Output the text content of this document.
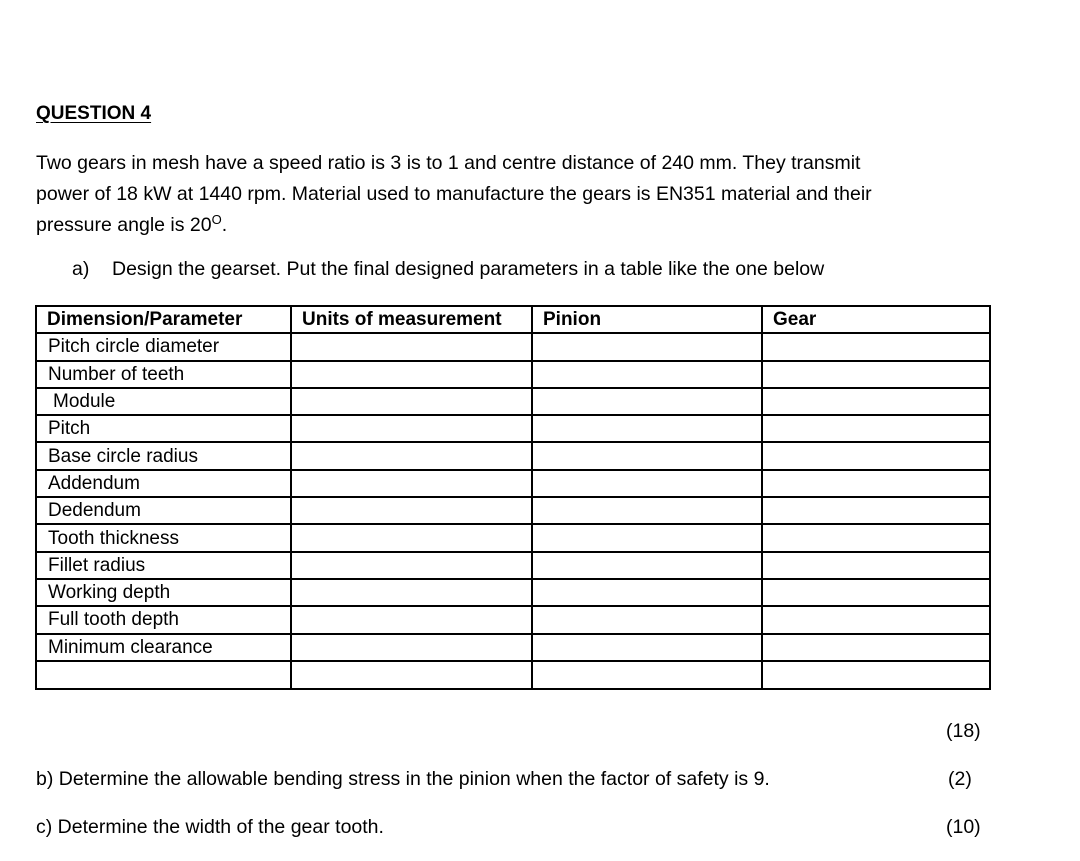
QUESTION 4

Two gears in mesh have a speed ratio is 3 is to 1 and centre distance of 240 mm. They transmit

power of 18 kW at 1440 rpm. Material used to manufacture the gears is EN351 material and their

pressure angle is $20^O$.

a) Design the gearset. Put the final designed parameters in a table like the one below
Dimension/Parameter	Units of measurement	Pinion	Gear
Pitch circle diameter			
Number of teeth			
Module			
Pitch			
Base circle radius			
Addendum			
Dedendum			
Tooth thickness			
Fillet radius			
Working depth			
Full tooth depth			
Minimum clearance			

(18)
b) Determine the allowable bending stress in the pinion when the factor of safety is 9.	(2)
c) Determine the width of the gear tooth.	(10)
